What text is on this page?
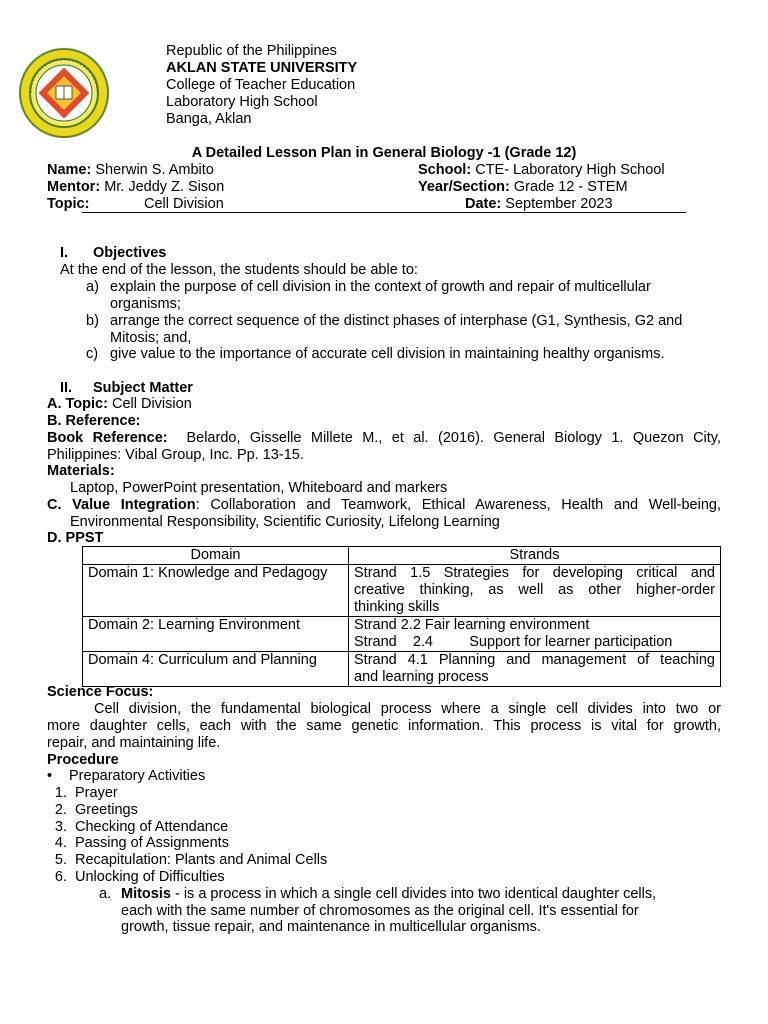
Republic of the Philippines
AKLAN STATE UNIVERSITY
College of Teacher Education
Laboratory High School
Banga, Aklan
A Detailed Lesson Plan in General Biology -1 (Grade 12)
Name: Sherwin S. Ambito	School: CTE- Laboratory High School
Mentor: Mr. Jeddy Z. Sison	Year/Section: Grade 12 - STEM
Topic:	Cell Division	Date: September 2023
I. Objectives
At the end of the lesson, the students should be able to:
a) explain the purpose of cell division in the context of growth and repair of multicellular
organisms;
b) arrange the correct sequence of the distinct phases of interphase (G1, Synthesis, G2 and
Mitosis; and,
c) give value to the importance of accurate cell division in maintaining healthy organisms.
II. Subject Matter
A. Topic: Cell Division
B. Reference:
Book Reference: Belardo, Gisselle Millete M., et al. (2016). General Biology 1. Quezon City,
Philippines: Vibal Group, Inc. Pp. 13-15.
Materials:
Laptop, PowerPoint presentation, Whiteboard and markers
C. Value Integration: Collaboration and Teamwork, Ethical Awareness, Health and Well-being,
Environmental Responsibility, Scientific Curiosity, Lifelong Learning
D. PPST
Domain	Strands
Domain 1: Knowledge and Pedagogy	Strand 1.5 Strategies for developing critical and
creative thinking, as well as other higher-order
thinking skills

Domain 2: Learning Environment	Strand 2.2 Fair learning environment
Strand    2.4         Support for learner participation

Domain 4: Curriculum and Planning	Strand 4.1 Planning and management of teaching
and learning process
Science Focus:
Cell division, the fundamental biological process where a single cell divides into two or
more daughter cells, each with the same genetic information. This process is vital for growth,
repair, and maintaining life.
Procedure
• Preparatory Activities
1. Prayer
2. Greetings
3. Checking of Attendance
4. Passing of Assignments
5. Recapitulation: Plants and Animal Cells
6. Unlocking of Difficulties
a. Mitosis - is a process in which a single cell divides into two identical daughter cells,
each with the same number of chromosomes as the original cell. It's essential for
growth, tissue repair, and maintenance in multicellular organisms.
